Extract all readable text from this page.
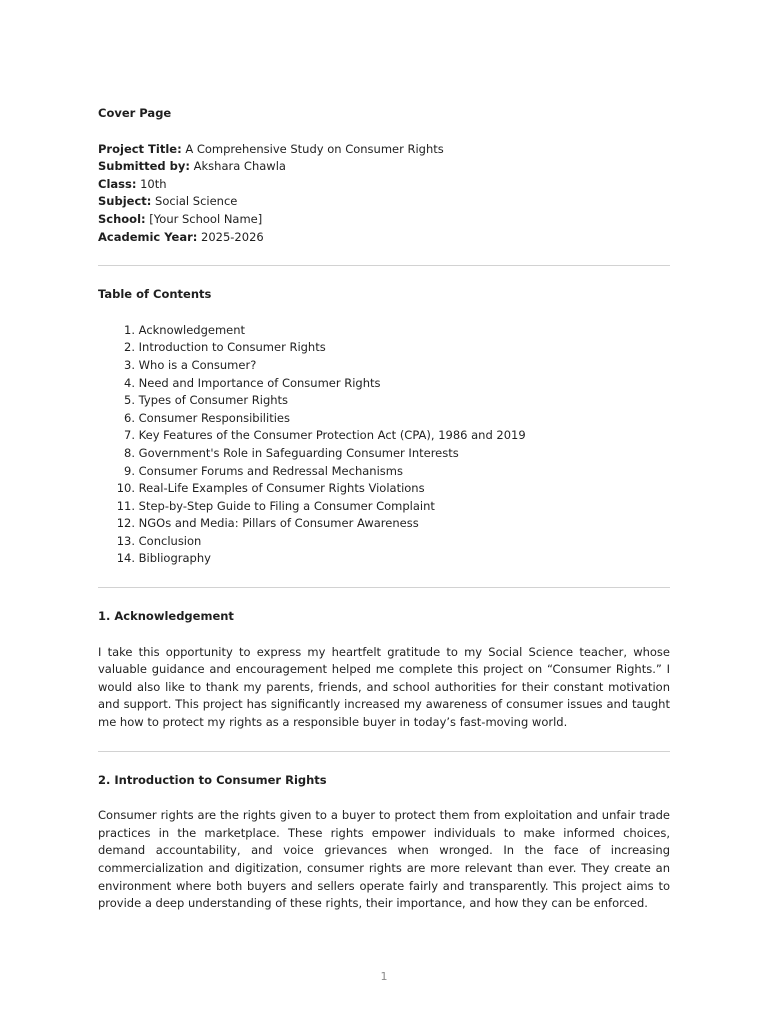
Cover Page

Project Title: A Comprehensive Study on Consumer Rights
Submitted by: Akshara Chawla
Class: 10th
Subject: Social Science
School: [Your School Name]
Academic Year: 2025-2026

Table of Contents

1.
Acknowledgement
2.
Introduction to Consumer Rights
3.
Who is a Consumer?
4.
Need and Importance of Consumer Rights
5.
Types of Consumer Rights
6.
Consumer Responsibilities
7.
Key Features of the Consumer Protection Act (CPA), 1986 and 2019
8.
Government's Role in Safeguarding Consumer Interests
9.
Consumer Forums and Redressal Mechanisms
10.
Real-Life Examples of Consumer Rights Violations
11.
Step-by-Step Guide to Filing a Consumer Complaint
12.
NGOs and Media: Pillars of Consumer Awareness
13.
Conclusion
14.
Bibliography

1. Acknowledgement

I take this opportunity to express my heartfelt gratitude to my Social Science teacher, whose valuable guidance and encouragement helped me complete this project on “Consumer Rights.” I would also like to thank my parents, friends, and school authorities for their constant motivation and support. This project has significantly increased my awareness of consumer issues and taught me how to protect my rights as a responsible buyer in today’s fast-moving world.

2. Introduction to Consumer Rights

Consumer rights are the rights given to a buyer to protect them from exploitation and unfair trade practices in the marketplace. These rights empower individuals to make informed choices, demand accountability, and voice grievances when wronged. In the face of increasing commercialization and digitization, consumer rights are more relevant than ever. They create an environment where both buyers and sellers operate fairly and transparently. This project aims to provide a deep understanding of these rights, their importance, and how they can be enforced.

1
